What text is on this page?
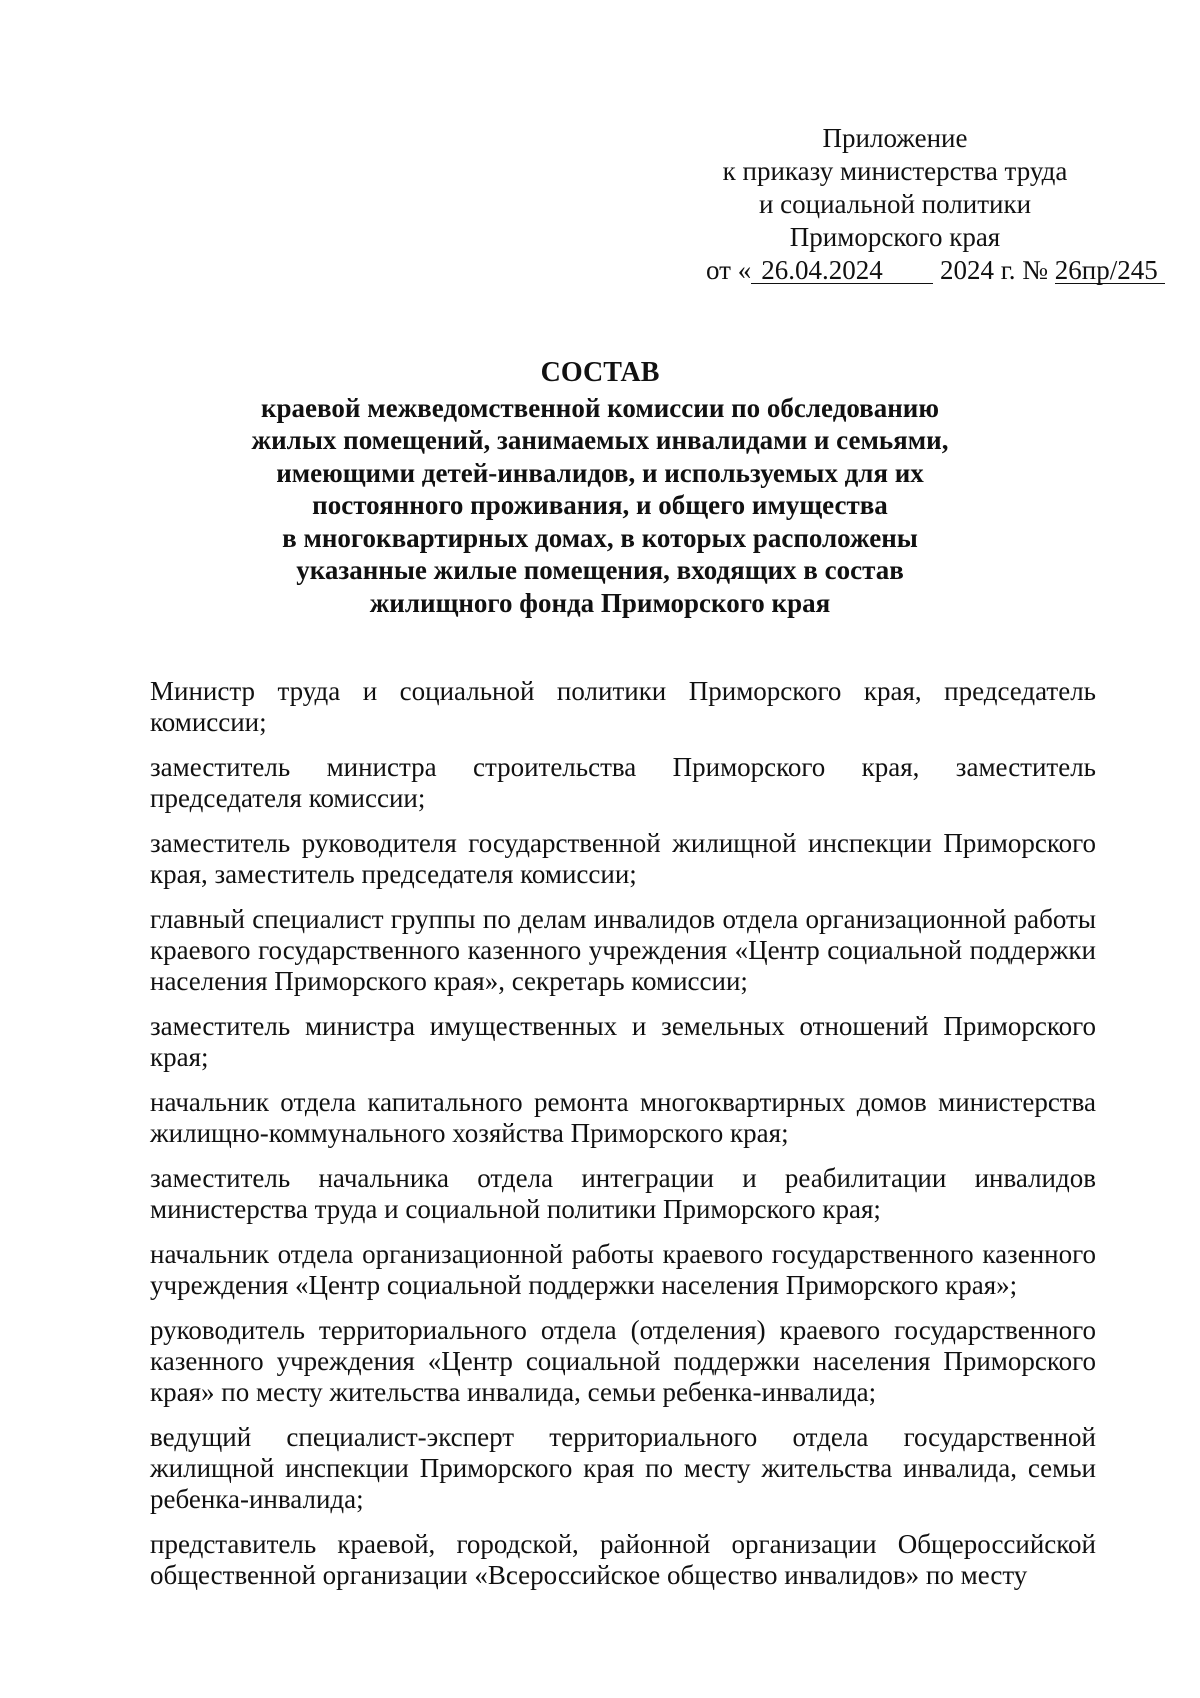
Приложение
к приказу министерства труда
и социальной политики
Приморского края
от « 26.04.2024 2024 г. № 26пр/245
СОСТАВ
краевой межведомственной комиссии по обследованию
жилых помещений, занимаемых инвалидами и семьями,
имеющими детей-инвалидов, и используемых для их
постоянного проживания, и общего имущества
в многоквартирных домах, в которых расположены
указанные жилые помещения, входящих в состав
жилищного фонда Приморского края
Министр труда и социальной политики Приморского края, председатель комиссии;
заместитель министра строительства Приморского края, заместитель председателя комиссии;
заместитель руководителя государственной жилищной инспекции Приморского края, заместитель председателя комиссии;
главный специалист группы по делам инвалидов отдела организационной работы краевого государственного казенного учреждения «Центр социальной поддержки населения Приморского края», секретарь комиссии;
заместитель министра имущественных и земельных отношений Приморского края;
начальник отдела капитального ремонта многоквартирных домов министерства жилищно-коммунального хозяйства Приморского края;
заместитель начальника отдела интеграции и реабилитации инвалидов министерства труда и социальной политики Приморского края;
начальник отдела организационной работы краевого государственного казенного учреждения «Центр социальной поддержки населения Приморского края»;
руководитель территориального отдела (отделения) краевого государственного казенного учреждения «Центр социальной поддержки населения Приморского края» по месту жительства инвалида, семьи ребенка-инвалида;
ведущий специалист-эксперт территориального отдела государственной жилищной инспекции Приморского края по месту жительства инвалида, семьи ребенка-инвалида;
представитель краевой, городской, районной организации Общероссийской общественной организации «Всероссийское общество инвалидов» по месту
